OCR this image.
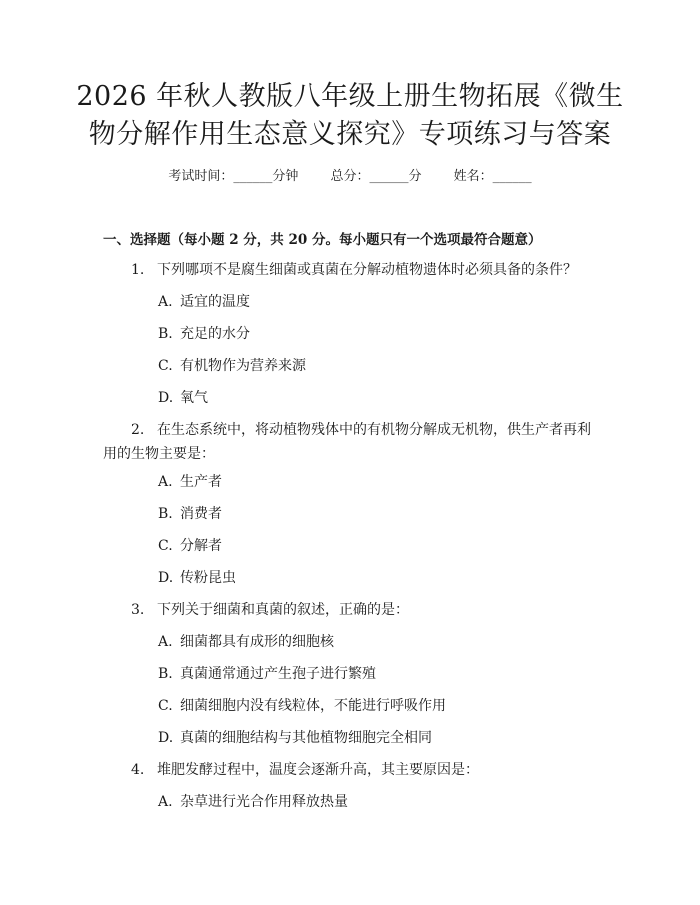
2026 年秋人教版八年级上册生物拓展《微生
物分解作用生态意义探究》专项练习与答案
考试时间：______分钟 总分：______分 姓名：______
一、选择题（每小题 2 分，共 20 分。每小题只有一个选项最符合题意）
1. 下列哪项不是腐生细菌或真菌在分解动植物遗体时必须具备的条件？
A. 适宜的温度
B. 充足的水分
C. 有机物作为营养来源
D. 氧气
2. 在生态系统中，将动植物残体中的有机物分解成无机物，供生产者再利用的生物主要是：
A. 生产者
B. 消费者
C. 分解者
D. 传粉昆虫
3. 下列关于细菌和真菌的叙述，正确的是：
A. 细菌都具有成形的细胞核
B. 真菌通常通过产生孢子进行繁殖
C. 细菌细胞内没有线粒体，不能进行呼吸作用
D. 真菌的细胞结构与其他植物细胞完全相同
4. 堆肥发酵过程中，温度会逐渐升高，其主要原因是：
A. 杂草进行光合作用释放热量
